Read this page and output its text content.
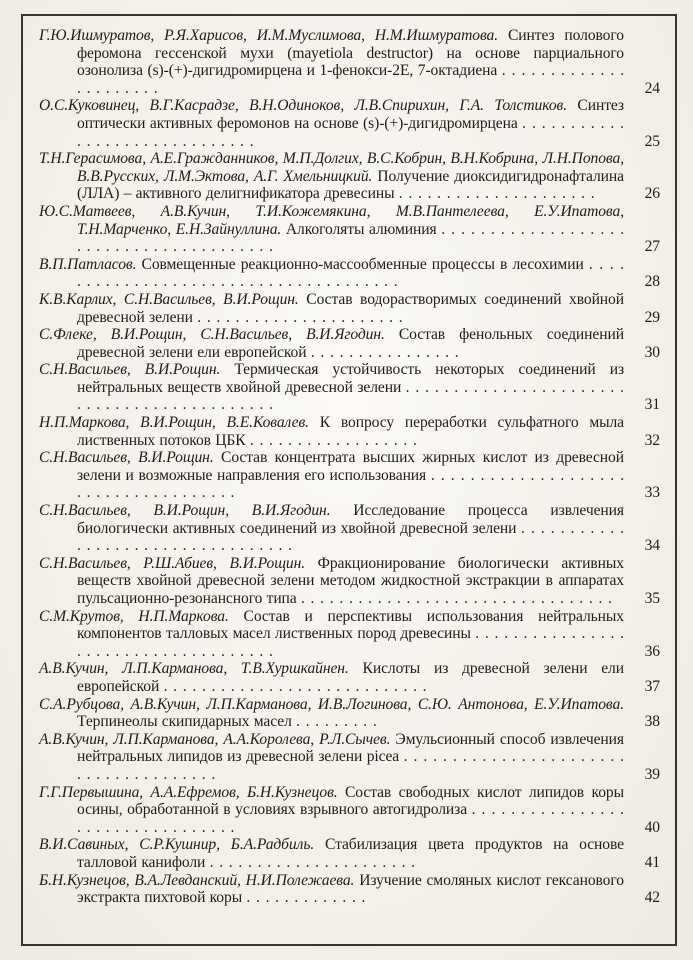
Г.Ю.Ишмуратов, Р.Я.Харисов, И.М.Муслимова, Н.М.Ишмуратова. Синтез полового феромона гессенской мухи (mayetiola destructor) на основе парциального озонолиза (s)-(+)-дигидромирцена и 1-фенокси-2Е, 7-октадиена . . . . . . . . . . . . . . . . . . . . . .	24

О.С.Куковинец, В.Г.Касрадзе, В.Н.Одиноков, Л.В.Спирихин, Г.А. Толстиков. Синтез оптически активных феромонов на основе (s)-(+)-дигидромирцена . . . . . . . . . . . . . . . . . . . . . . . . . . . . . .	25

Т.Н.Герасимова, А.Е.Гражданников, М.П.Долгих, В.С.Кобрин, В.Н.Кобрина, Л.Н.Попова, В.В.Русских, Л.М.Эктова, А.Г. Хмельницкий. Получение диоксидигидронафталина (ЛЛА) – активного делигнификатора древесины . . . . . . . . . . . . . . . . . . . . .	26

Ю.С.Матвеев, А.В.Кучин, Т.И.Кожемякина, М.В.Пантелеева, Е.У.Ипатова, Т.Н.Марченко, Е.Н.Зайнуллина. Алкоголяты алюминия . . . . . . . . . . . . . . . . . . . . . . . . . . . . . . . . . . . . . . . .	27

В.П.Патласов. Совмещенные реакционно-массообменные процессы в лесохимии . . . . . . . . . . . . . . . . . . . . . . . . . . . . . . . . . . . . . .	28

К.В.Карлих, С.Н.Васильев, В.И.Рощин. Состав водорастворимых соединений хвойной древесной зелени . . . . . . . . . . . . . . . . . . . . . .	29

С.Флеке, В.И.Рощин, С.Н.Васильев, В.И.Ягодин. Состав фенольных соединений древесной зелени ели европейской . . . . . . . . . . . . . . . .	30

С.Н.Васильев, В.И.Рощин. Термическая устойчивость некоторых соединений из нейтральных веществ хвойной древесной зелени . . . . . . . . . . . . . . . . . . . . . . . . . . . . . . . . . . . . . . . . . . . .	31

Н.П.Маркова, В.И.Рощин, В.Е.Ковалев. К вопросу переработки сульфатного мыла лиственных потоков ЦБК . . . . . . . . . . . . . . . . . .	32

С.Н.Васильев, В.И.Рощин. Состав концентрата высших жирных кислот из древесной зелени и возможные направления его использования . . . . . . . . . . . . . . . . . . . . . . . . . . . . . . . . . . . . .	33

С.Н.Васильев, В.И.Рощин, В.И.Ягодин. Исследование процесса извлечения биологически активных соединений из хвойной древесной зелени . . . . . . . . . . . . . . . . . . . . . . . . . . . . . . . . . .	34

С.Н.Васильев, Р.Ш.Абиев, В.И.Рощин. Фракционирование биологически активных веществ хвойной древесной зелени методом жидкостной экстракции в аппаратах пульсационно-резонансного типа . . . . . . . . . . . . . . . . . . . . . . . . . . . . . . . . . 35

С.М.Крутов, Н.П.Маркова. Состав и перспективы использования нейтральных компонентов талловых масел лиственных пород древесины . . . . . . . . . . . . . . . . . . . . . . . . . . . . . . . . . . . . .	36

А.В.Кучин, Л.П.Карманова, Т.В.Хуршкайнен. Кислоты из древесной зелени ели европейской . . . . . . . . . . . . . . . . . . . . . . . . . . . .	37

С.А.Рубцова, А.В.Кучин, Л.П.Карманова, И.В.Логинова, С.Ю. Антонова, Е.У.Ипатова. Терпинеолы скипидарных масел . . . . . . . . .	38

А.В.Кучин, Л.П.Карманова, А.А.Королева, Р.Л.Сычев. Эмульсионный способ извлечения нейтральных липидов из древесной зелени picea . . . . . . . . . . . . . . . . . . . . . . . . . . . . . . . . . . . . . .	39

Г.Г.Первышина, А.А.Ефремов, Б.Н.Кузнецов. Состав свободных кислот липидов коры осины, обработанной в условиях взрывного автогидролиза . . . . . . . . . . . . . . . . . . . . . . . . . . . . . . . . .	40

В.И.Савиных, С.Р.Кушнир, Б.А.Радбиль. Стабилизация цвета продуктов на основе талловой канифоли . . . . . . . . . . . . . . . . . . . . . .	41

Б.Н.Кузнецов, В.А.Левданский, Н.И.Полежаева. Изучение смоляных кислот гексанового экстракта пихтовой коры . . . . . . . . . . . . .	42
